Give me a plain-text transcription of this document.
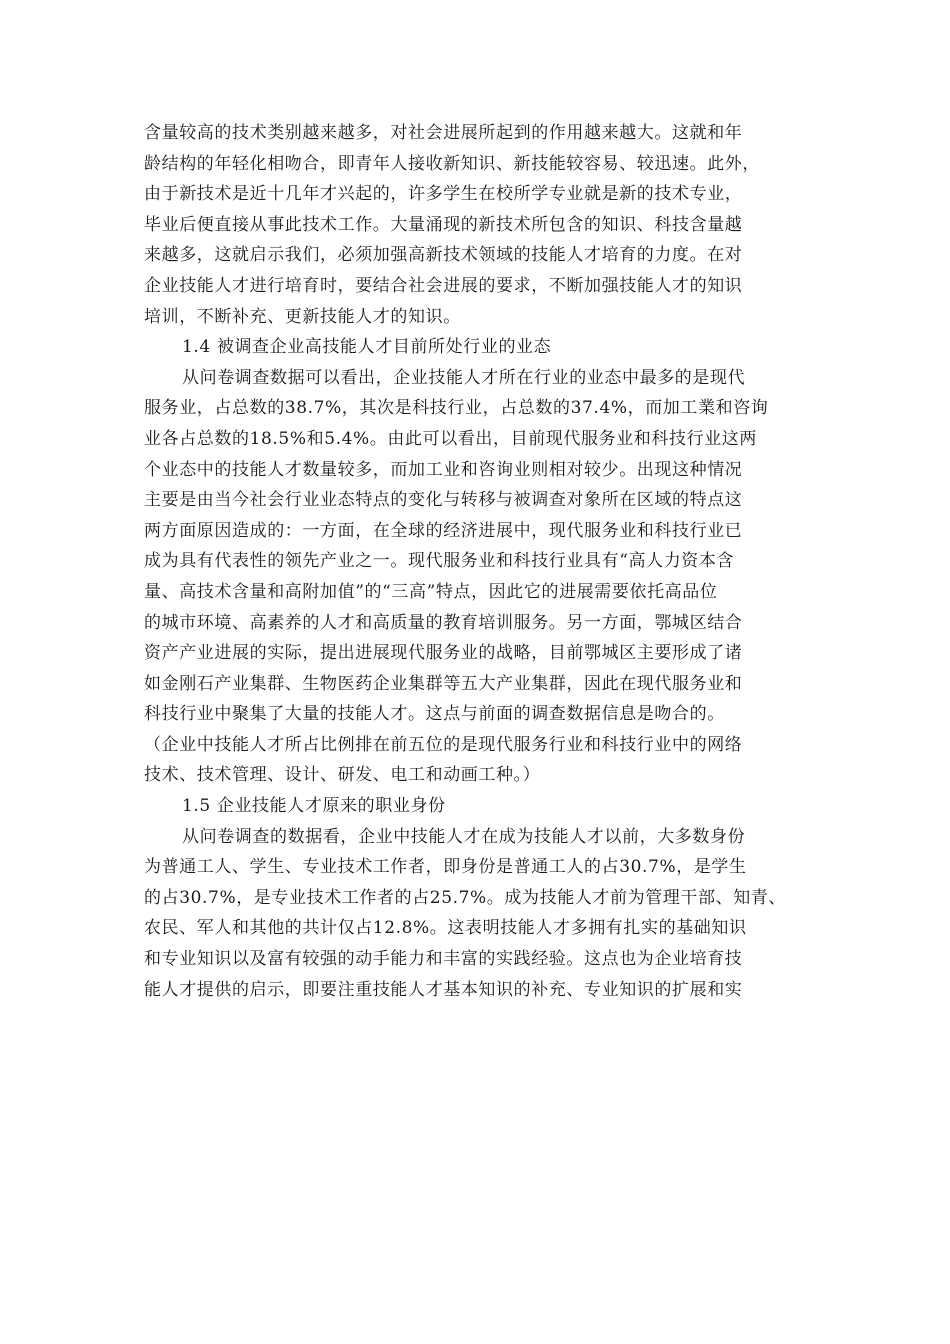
含量较高的技术类别越来越多，对社会进展所起到的作用越来越大。这就和年
龄结构的年轻化相吻合，即青年人接收新知识、新技能较容易、较迅速。此外，
由于新技术是近十几年才兴起的，许多学生在校所学专业就是新的技术专业，
毕业后便直接从事此技术工作。大量涌现的新技术所包含的知识、科技含量越
来越多，这就启示我们，必须加强高新技术领域的技能人才培育的力度。在对
企业技能人才进行培育时，要结合社会进展的要求，不断加强技能人才的知识
培训，不断补充、更新技能人才的知识。
1.4 被调查企业高技能人才目前所处行业的业态
从问卷调查数据可以看出，企业技能人才所在行业的业态中最多的是现代
服务业，占总数的38.7%，其次是科技行业，占总数的37.4%，而加工業和咨询
业各占总数的18.5%和5.4%。由此可以看出，目前现代服务业和科技行业这两
个业态中的技能人才数量较多，而加工业和咨询业则相对较少。出现这种情况
主要是由当今社会行业业态特点的变化与转移与被调查对象所在区域的特点这
两方面原因造成的：一方面，在全球的经济进展中，现代服务业和科技行业已
成为具有代表性的领先产业之一。现代服务业和科技行业具有“高人力资本含
量、高技术含量和高附加值”的“三高”特点，因此它的进展需要依托高品位
的城市环境、高素养的人才和高质量的教育培训服务。另一方面，鄂城区结合
资产产业进展的实际，提出进展现代服务业的战略，目前鄂城区主要形成了诸
如金刚石产业集群、生物医药企业集群等五大产业集群，因此在现代服务业和
科技行业中聚集了大量的技能人才。这点与前面的调查数据信息是吻合的。
（企业中技能人才所占比例排在前五位的是现代服务行业和科技行业中的网络
技术、技术管理、设计、研发、电工和动画工种。）
1.5 企业技能人才原来的职业身份
从问卷调查的数据看，企业中技能人才在成为技能人才以前，大多数身份
为普通工人、学生、专业技术工作者，即身份是普通工人的占30.7%，是学生
的占30.7%，是专业技术工作者的占25.7%。成为技能人才前为管理干部、知青、
农民、军人和其他的共计仅占12.8%。这表明技能人才多拥有扎实的基础知识
和专业知识以及富有较强的动手能力和丰富的实践经验。这点也为企业培育技
能人才提供的启示，即要注重技能人才基本知识的补充、专业知识的扩展和实
